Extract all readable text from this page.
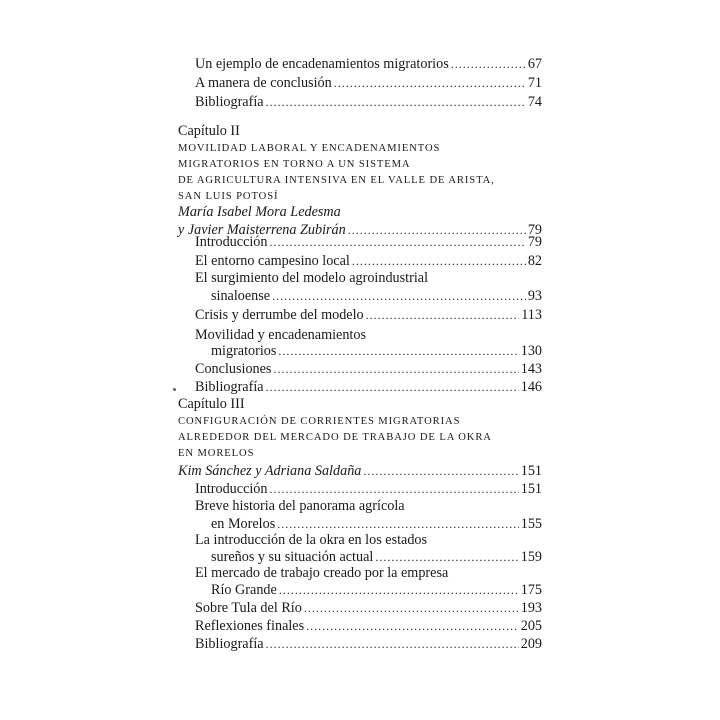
Un ejemplo de encadenamientos migratorios .....	67
A manera de conclusión .....	71
Bibliografía .....	74
Capítulo II
MOVILIDAD LABORAL Y ENCADENAMIENTOS
MIGRATORIOS EN TORNO A UN SISTEMA
DE AGRICULTURA INTENSIVA EN EL VALLE DE ARISTA,
SAN LUIS POTOSÍ
María Isabel Mora Ledesma
y Javier Maisterrena Zubirán .....	79
Introducción .....	79
El entorno campesino local .....	82
El surgimiento del modelo agroindustrial
sinaloense .....	93
Crisis y derrumbe del modelo .....	113
Movilidad y encadenamientos
migratorios .....	130
Conclusiones .....	143
Bibliografía .....	146
Capítulo III
CONFIGURACIÓN DE CORRIENTES MIGRATORIAS
ALREDEDOR DEL MERCADO DE TRABAJO DE LA OKRA
EN MORELOS
Kim Sánchez y Adriana Saldaña .....	151
Introducción .....	151
Breve historia del panorama agrícola
en Morelos .....	155
La introducción de la okra en los estados
sureños y su situación actual .....	159
El mercado de trabajo creado por la empresa
Río Grande .....	175
Sobre Tula del Río .....	193
Reflexiones finales .....	205
Bibliografía .....	209
